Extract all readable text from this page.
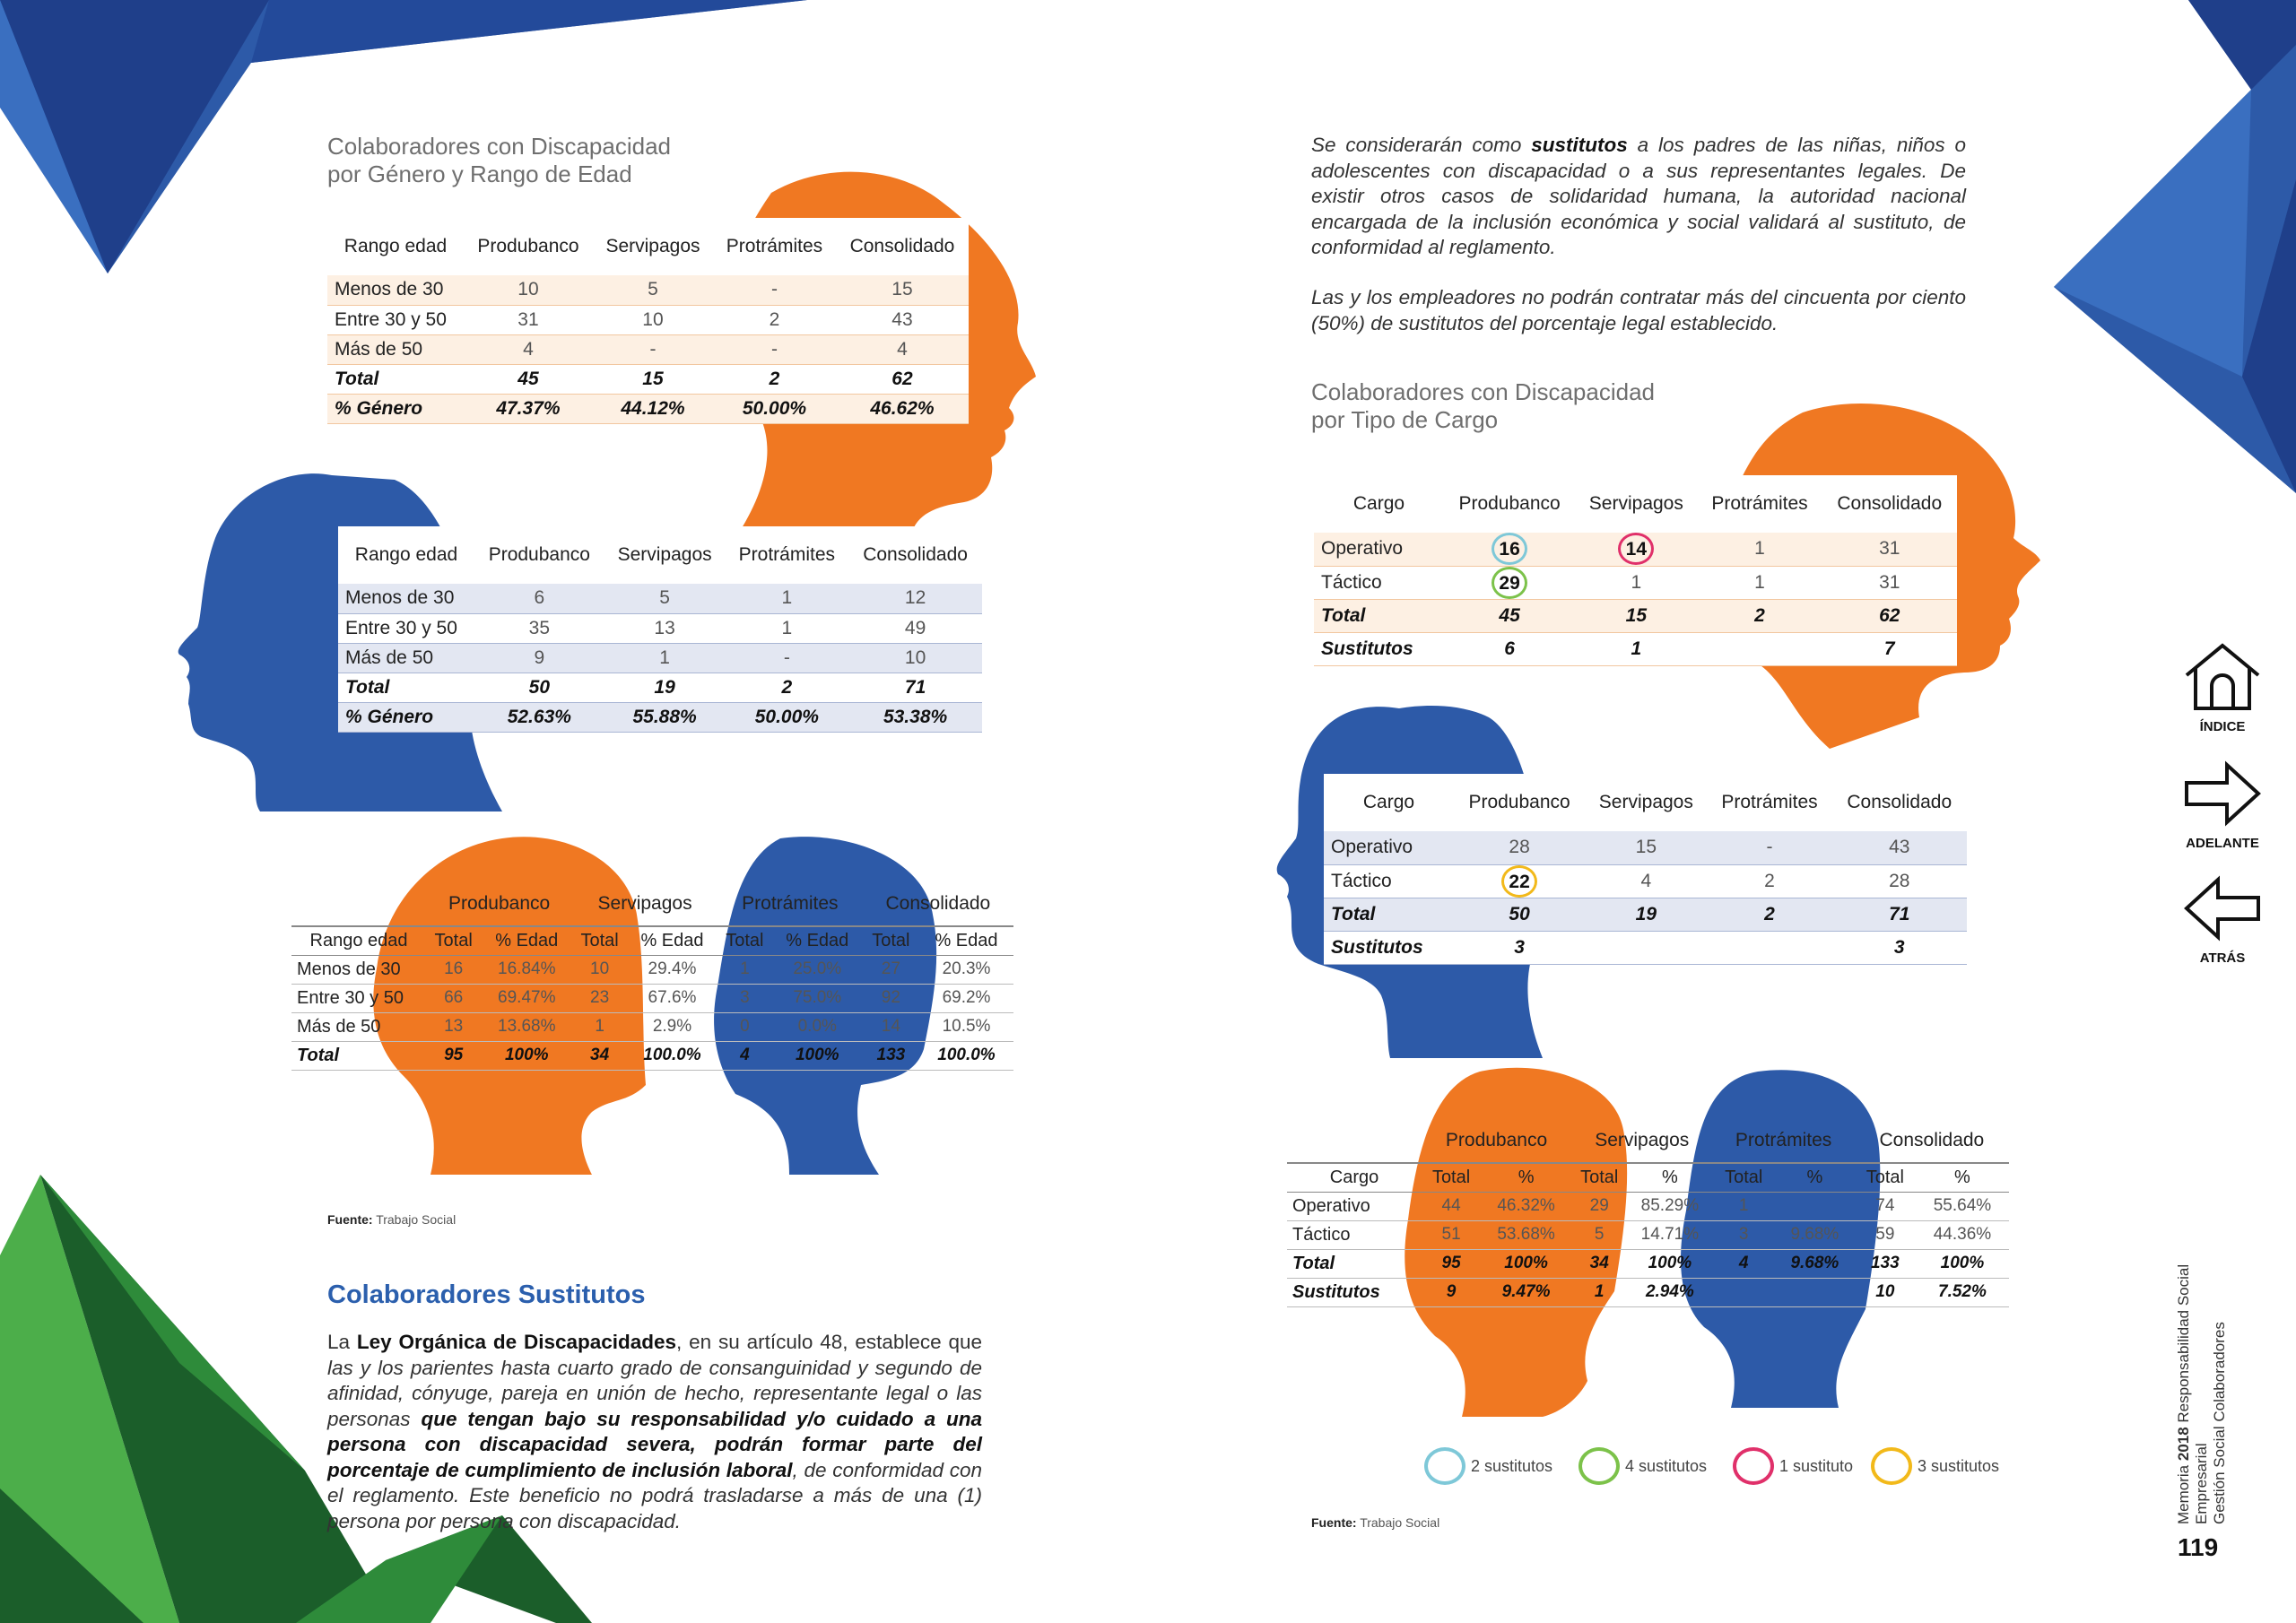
Colaboradores con Discapacidad
por Género y Rango de Edad
Rango edad	Produbanco	Servipagos	Protrámites	Consolidado
Menos de 30	10	5	-	15
Entre 30 y 50	31	10	2	43
Más de 50	4	-	-	4
Total	45	15	2	62
% Género	47.37%	44.12%	50.00%	46.62%
Rango edad	Produbanco	Servipagos	Protrámites	Consolidado
Menos de 30	6	5	1	12
Entre 30 y 50	35	13	1	49
Más de 50	9	1	-	10
Total	50	19	2	71
% Género	52.63%	55.88%	50.00%	53.38%
	Produbanco		Servipagos		Protrámites		Consolidado	
Rango edad	Total	% Edad	Total	% Edad	Total	% Edad	Total	% Edad
Menos de 30	16	16.84%	10	29.4%	1	25.0%	27	20.3%
Entre 30 y 50	66	69.47%	23	67.6%	3	75.0%	92	69.2%
Más de 50	13	13.68%	1	2.9%	0	0.0%	14	10.5%
Total	95	100%	34	100.0%	4	100%	133	100.0%
Fuente: Trabajo Social
Colaboradores Sustitutos
La Ley Orgánica de Discapacidades, en su artículo 48, establece que las y los parientes hasta cuarto grado de consanguinidad y segundo de afinidad, cónyuge, pareja en unión de hecho, representante legal o las personas que tengan bajo su responsabilidad y/o cuidado a una persona con discapacidad severa, podrán formar parte del porcentaje de cumplimiento de inclusión laboral, de conformidad con el reglamento. Este beneficio no podrá trasladarse a más de una (1) persona por persona con discapacidad.
Se considerarán como sustitutos a los padres de las niñas, niños o adolescentes con discapacidad o a sus representantes legales. De existir otros casos de solidaridad humana, la autoridad nacional encargada de la inclusión económica y social validará al sustituto, de conformidad al reglamento.
Las y los empleadores no podrán contratar más del cincuenta por ciento (50%) de sustitutos del porcentaje legal establecido.
Colaboradores con Discapacidad
por Tipo de Cargo
Cargo	Produbanco	Servipagos	Protrámites	Consolidado
Operativo	16	14	1	31
Táctico	29	1	1	31
Total	45	15	2	62
Sustitutos	6	1		7
Cargo	Produbanco	Servipagos	Protrámites	Consolidado
Operativo	28	15	-	43
Táctico	22	4	2	28
Total	50	19	2	71
Sustitutos	3			3
	Produbanco		Servipagos		Protrámites		Consolidado	
Cargo	Total	%	Total	%	Total	%	Total	%
Operativo	44	46.32%	29	85.29%	1		74	55.64%
Táctico	51	53.68%	5	14.71%	3	9.68%	59	44.36%
Total	95	100%	34	100%	4	9.68%	133	100%
Sustitutos	9	9.47%	1	2.94%			10	7.52%
2 sustitutos	4 sustitutos	1 sustituto	3 sustitutos
Fuente: Trabajo Social
ÍNDICE
ADELANTE
ATRÁS
Memoria 2018 Responsabilidad Social Empresarial Gestión Social Colaboradores
119
